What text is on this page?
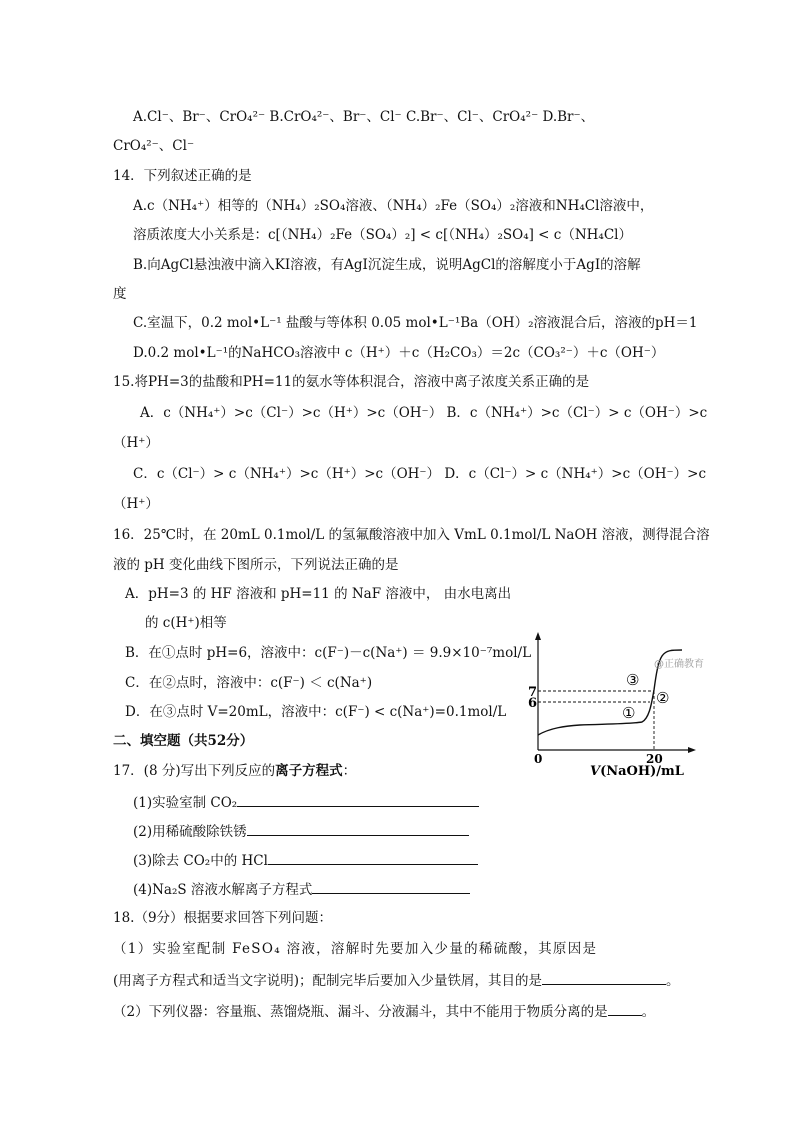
A.Cl⁻、Br⁻、CrO₄²⁻ B.CrO₄²⁻、Br⁻、Cl⁻ C.Br⁻、Cl⁻、CrO₄²⁻ D.Br⁻、
CrO₄²⁻、Cl⁻
14．下列叙述正确的是
A.c（NH₄⁺）相等的（NH₄）₂SO₄溶液、（NH₄）₂Fe（SO₄）₂溶液和NH₄Cl溶液中，
溶质浓度大小关系是：c[（NH₄）₂Fe（SO₄）₂] < c[（NH₄）₂SO₄] < c（NH₄Cl）
B.向AgCl悬浊液中滴入KI溶液，有AgI沉淀生成，说明AgCl的溶解度小于AgI的溶解
度
C.室温下，0.2 mol•L⁻¹ 盐酸与等体积 0.05 mol•L⁻¹Ba（OH）₂溶液混合后，溶液的pH＝1
D.0.2 mol•L⁻¹的NaHCO₃溶液中 c（H⁺）＋c（H₂CO₃）＝2c（CO₃²⁻）＋c（OH⁻）
15.将PH=3的盐酸和PH=11的氨水等体积混合，溶液中离子浓度关系正确的是
A．c（NH₄⁺）>c（Cl⁻）>c（H⁺）>c（OH⁻） B．c（NH₄⁺）>c（Cl⁻）> c（OH⁻）>c
（H⁺）
C．c（Cl⁻）> c（NH₄⁺）>c（H⁺）>c（OH⁻） D．c（Cl⁻）> c（NH₄⁺）>c（OH⁻）>c
（H⁺）
16．25℃时，在 20mL 0.1mol/L 的氢氟酸溶液中加入 VmL 0.1mol/L NaOH 溶液，测得混合溶
液的 pH 变化曲线下图所示，下列说法正确的是
A．pH=3 的 HF 溶液和 pH=11 的 NaF 溶液中， 由水电离出
的 c(H⁺)相等
B．在①点时 pH=6，溶液中：c(F⁻)－c(Na⁺) ＝ 9.9×10⁻⁷mol/L
C．在②点时，溶液中：c(F⁻) ＜ c(Na⁺)
D．在③点时 V=20mL，溶液中：c(F⁻) < c(Na⁺)=0.1mol/L
二、填空题（共52分）
17．(8 分)写出下列反应的离子方程式：
(1)实验室制 CO₂
(2)用稀硫酸除铁锈
(3)除去 CO₂中的 HCl
(4)Na₂S 溶液水解离子方程式
18.（9分）根据要求回答下列问题：
（1）实验室配制 FeSO₄ 溶液，溶解时先要加入少量的稀硫酸，其原因是
(用离子方程式和适当文字说明)；配制完毕后要加入少量铁屑，其目的是	。
（2）下列仪器：容量瓶、蒸馏烧瓶、漏斗、分液漏斗，其中不能用于物质分离的是	。
7
6
0	20
V(NaOH)/mL
①
②
③
@正确教育
